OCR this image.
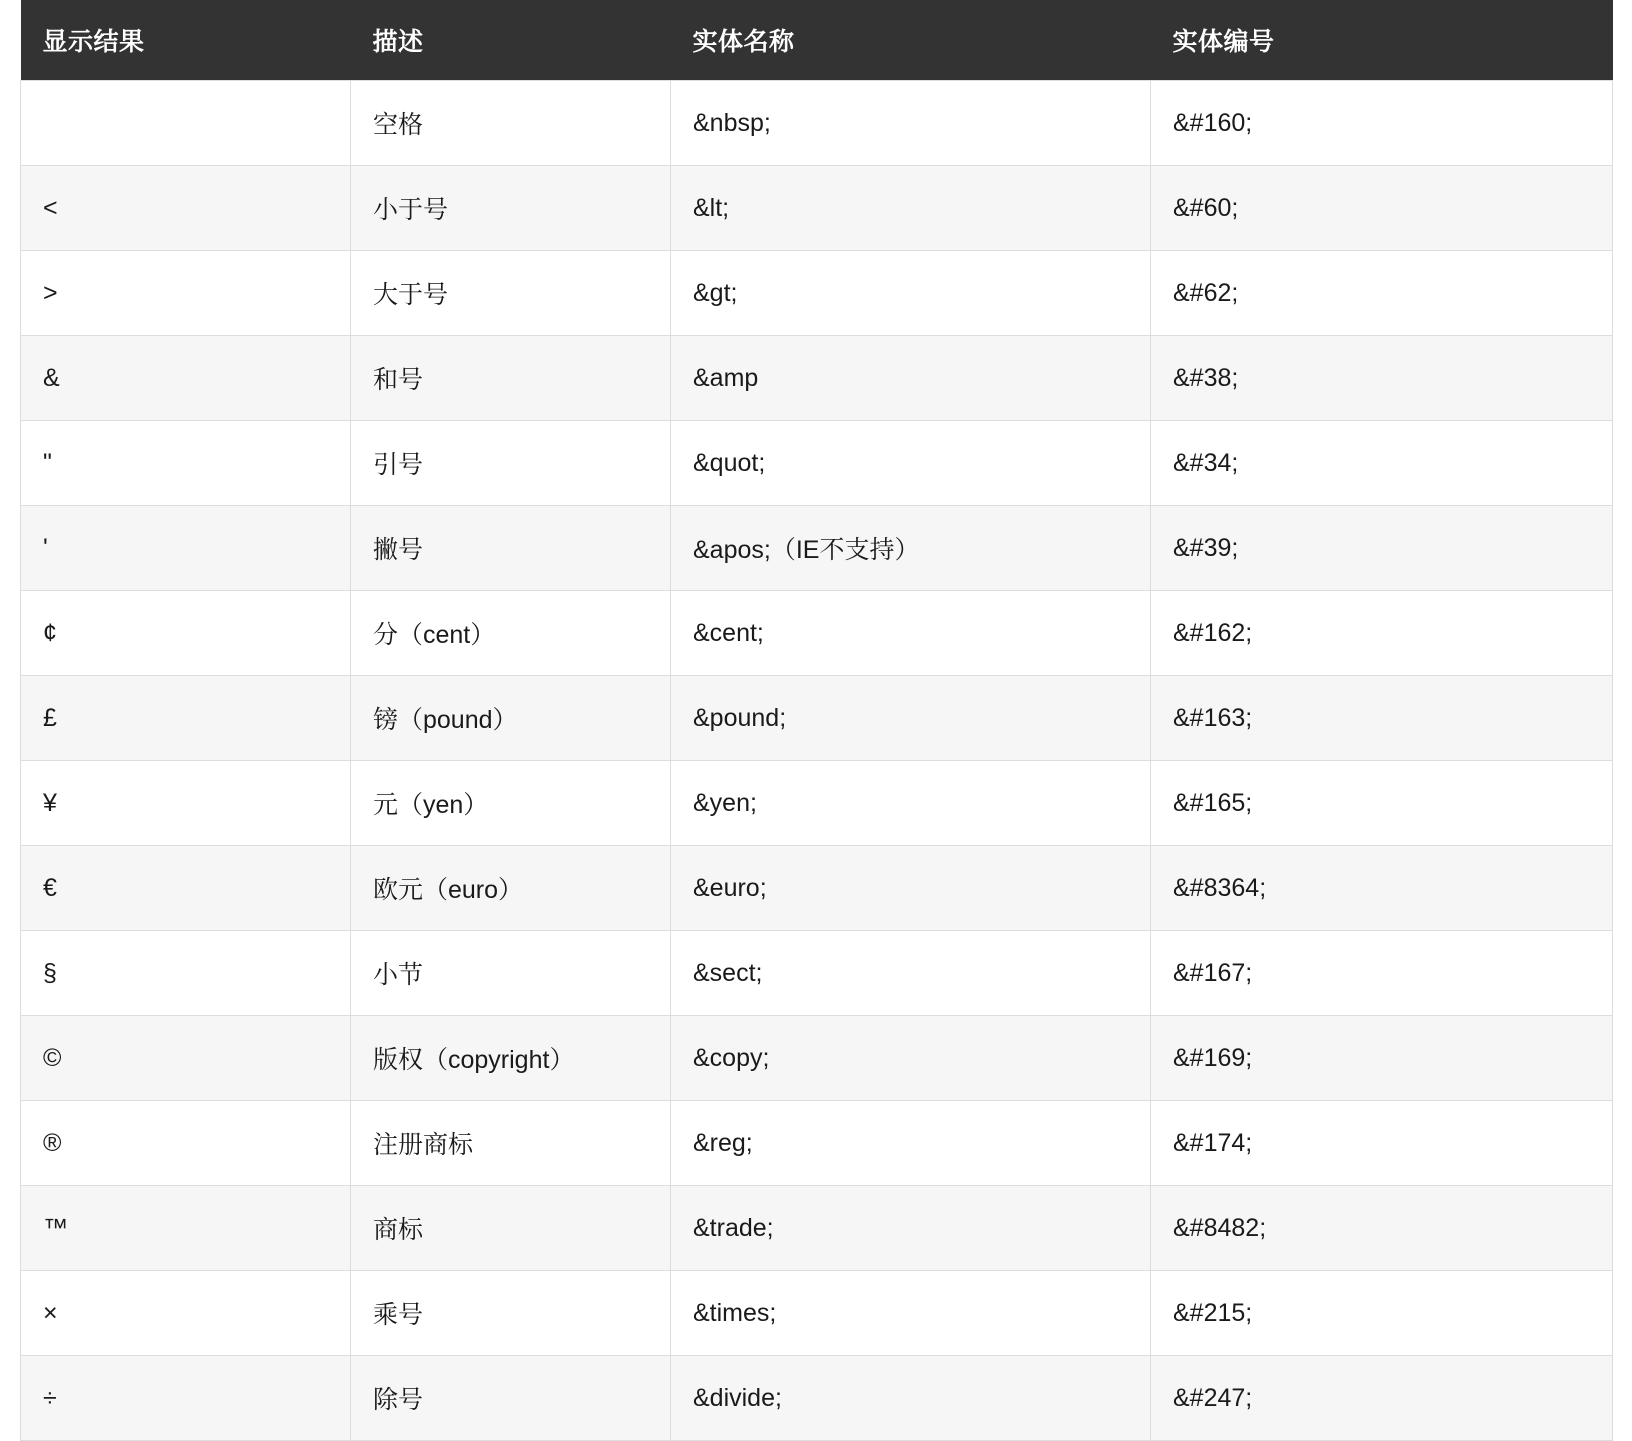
显示结果	描述	实体名称	实体编号
	空格	&nbsp;	&#160;
<	小于号	&lt;	&#60;
>	大于号	&gt;	&#62;
&	和号	&amp	&#38;
"	引号	&quot;	&#34;
'	撇号	&apos;（IE不支持）	&#39;
¢	分（cent）	&cent;	&#162;
£	镑（pound）	&pound;	&#163;
¥	元（yen）	&yen;	&#165;
€	欧元（euro）	&euro;	&#8364;
§	小节	&sect;	&#167;
©	版权（copyright）	&copy;	&#169;
®	注册商标	&reg;	&#174;
™	商标	&trade;	&#8482;
×	乘号	&times;	&#215;
÷	除号	&divide;	&#247;
